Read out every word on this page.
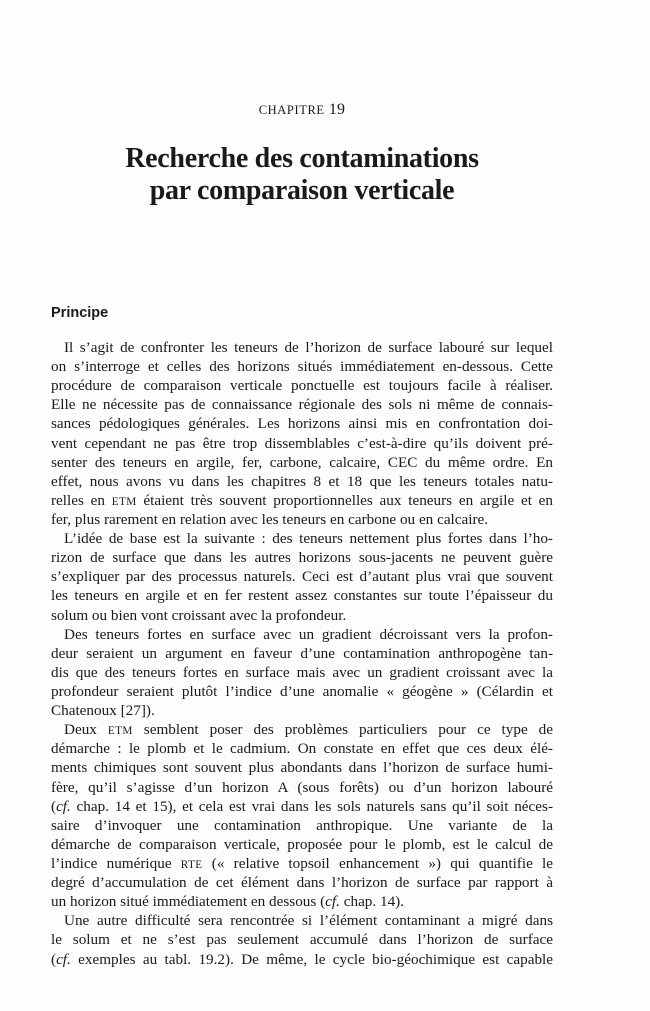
CHAPITRE 19
Recherche des contaminations
par comparaison verticale
Principe
Il s’agit de confronter les teneurs de l’horizon de surface labouré sur lequel
on s’interroge et celles des horizons situés immédiatement en-dessous. Cette
procédure de comparaison verticale ponctuelle est toujours facile à réaliser.
Elle ne nécessite pas de connaissance régionale des sols ni même de connais-
sances pédologiques générales. Les horizons ainsi mis en confrontation doi-
vent cependant ne pas être trop dissemblables c’est-à-dire qu’ils doivent pré-
senter des teneurs en argile, fer, carbone, calcaire, CEC du même ordre. En
effet, nous avons vu dans les chapitres 8 et 18 que les teneurs totales natu-
relles en ETM étaient très souvent proportionnelles aux teneurs en argile et en
fer, plus rarement en relation avec les teneurs en carbone ou en calcaire.
L’idée de base est la suivante : des teneurs nettement plus fortes dans l’ho-
rizon de surface que dans les autres horizons sous-jacents ne peuvent guère
s’expliquer par des processus naturels. Ceci est d’autant plus vrai que souvent
les teneurs en argile et en fer restent assez constantes sur toute l’épaisseur du
solum ou bien vont croissant avec la profondeur.
Des teneurs fortes en surface avec un gradient décroissant vers la profon-
deur seraient un argument en faveur d’une contamination anthropogène tan-
dis que des teneurs fortes en surface mais avec un gradient croissant avec la
profondeur seraient plutôt l’indice d’une anomalie « géogène » (Célardin et
Chatenoux [27]).
Deux ETM semblent poser des problèmes particuliers pour ce type de
démarche : le plomb et le cadmium. On constate en effet que ces deux élé-
ments chimiques sont souvent plus abondants dans l’horizon de surface humi-
fère, qu’il s’agisse d’un horizon A (sous forêts) ou d’un horizon labouré
(cf. chap. 14 et 15), et cela est vrai dans les sols naturels sans qu’il soit néces-
saire d’invoquer une contamination anthropique. Une variante de la
démarche de comparaison verticale, proposée pour le plomb, est le calcul de
l’indice numérique RTE (« relative topsoil enhancement ») qui quantifie le
degré d’accumulation de cet élément dans l’horizon de surface par rapport à
un horizon situé immédiatement en dessous (cf. chap. 14).
Une autre difficulté sera rencontrée si l’élément contaminant a migré dans
le solum et ne s’est pas seulement accumulé dans l’horizon de surface
(cf. exemples au tabl. 19.2). De même, le cycle bio-géochimique est capable
